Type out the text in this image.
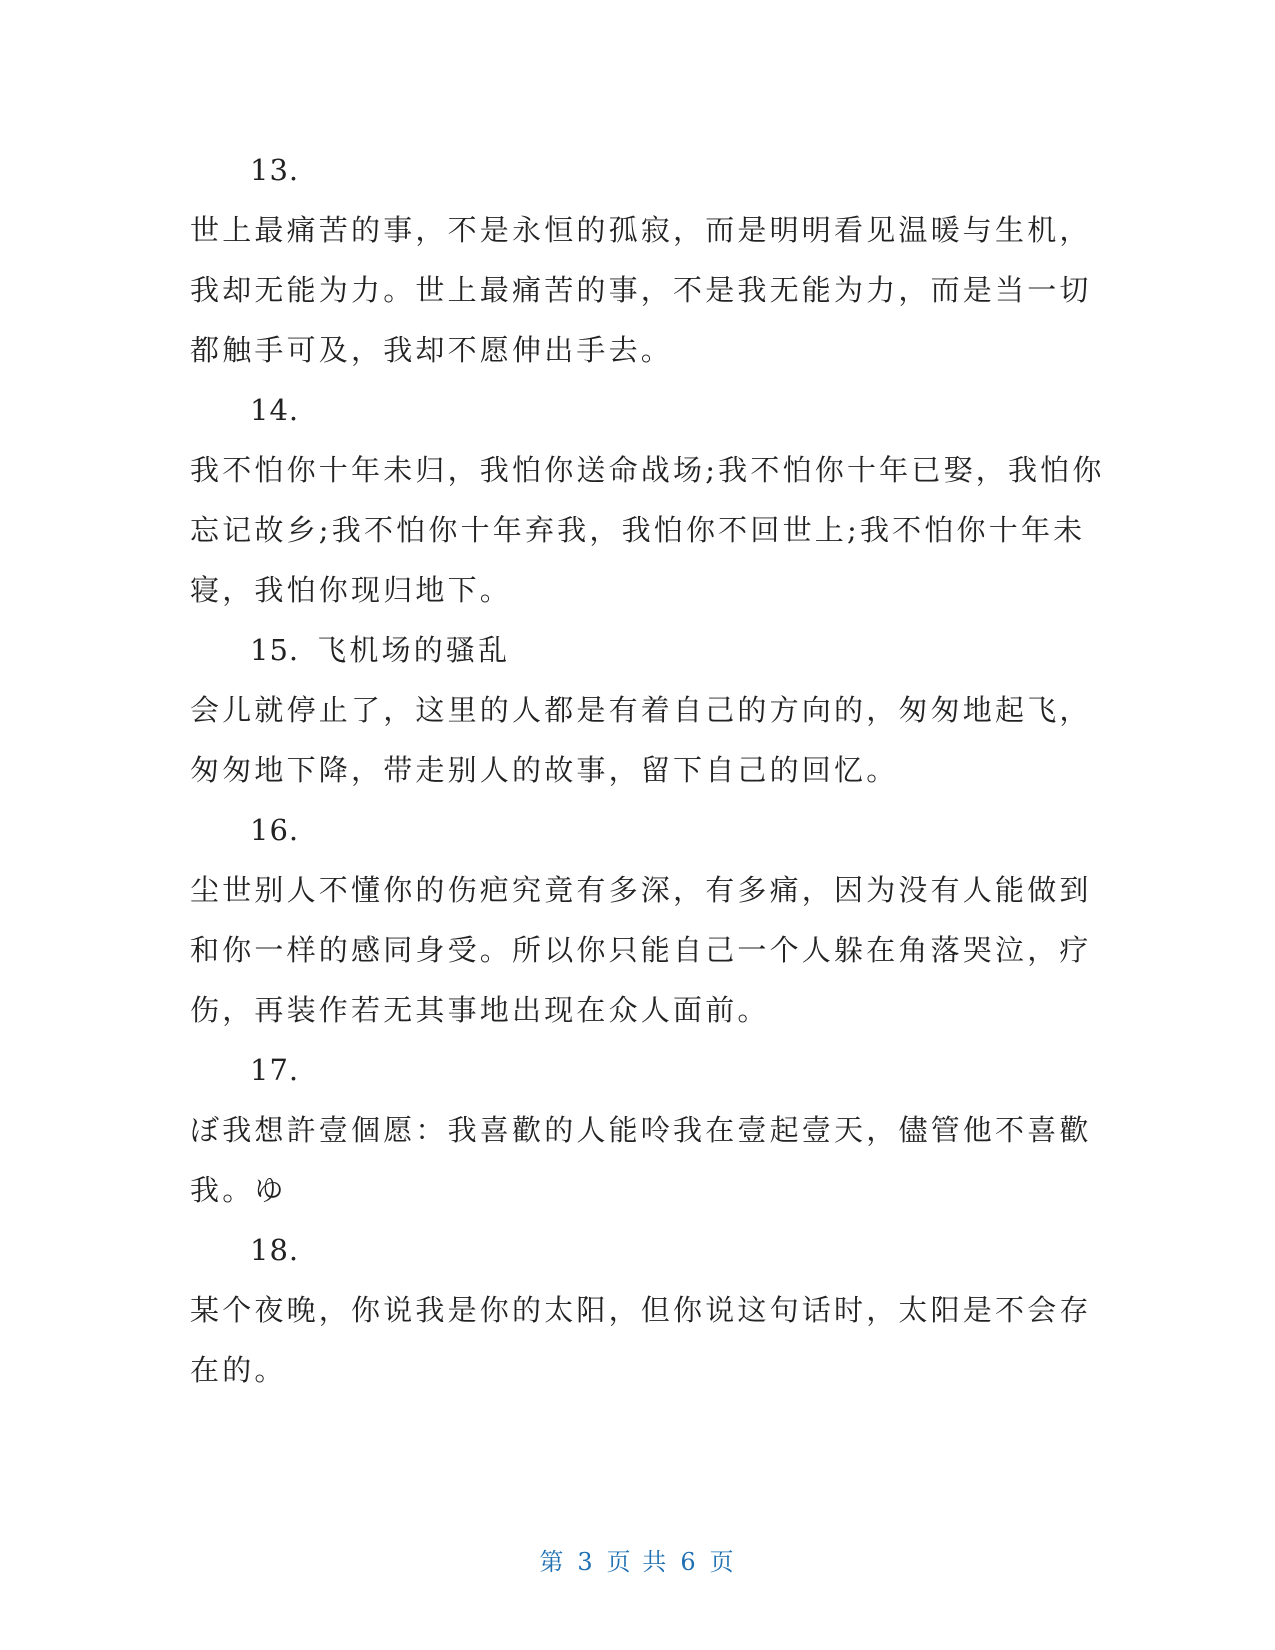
13.
世上最痛苦的事，不是永恒的孤寂，而是明明看见温暖与生机，
我却无能为力。世上最痛苦的事，不是我无能为力，而是当一切
都触手可及，我却不愿伸出手去。
14.
我不怕你十年未归，我怕你送命战场;我不怕你十年已娶，我怕你
忘记故乡;我不怕你十年弃我，我怕你不回世上;我不怕你十年未
寝，我怕你现归地下。
15. 飞机场的骚乱
会儿就停止了，这里的人都是有着自己的方向的，匆匆地起飞，
匆匆地下降，带走别人的故事，留下自己的回忆。
16.
尘世别人不懂你的伤疤究竟有多深，有多痛，因为没有人能做到
和你一样的感同身受。所以你只能自己一个人躲在角落哭泣，疗
伤，再装作若无其事地出现在众人面前。
17.
ぼ我想許壹個愿：我喜歡的人能呤我在壹起壹天，儘管他不喜歡
我。ゆ
18.
某个夜晚，你说我是你的太阳，但你说这句话时，太阳是不会存
在的。
第 3 页 共 6 页
